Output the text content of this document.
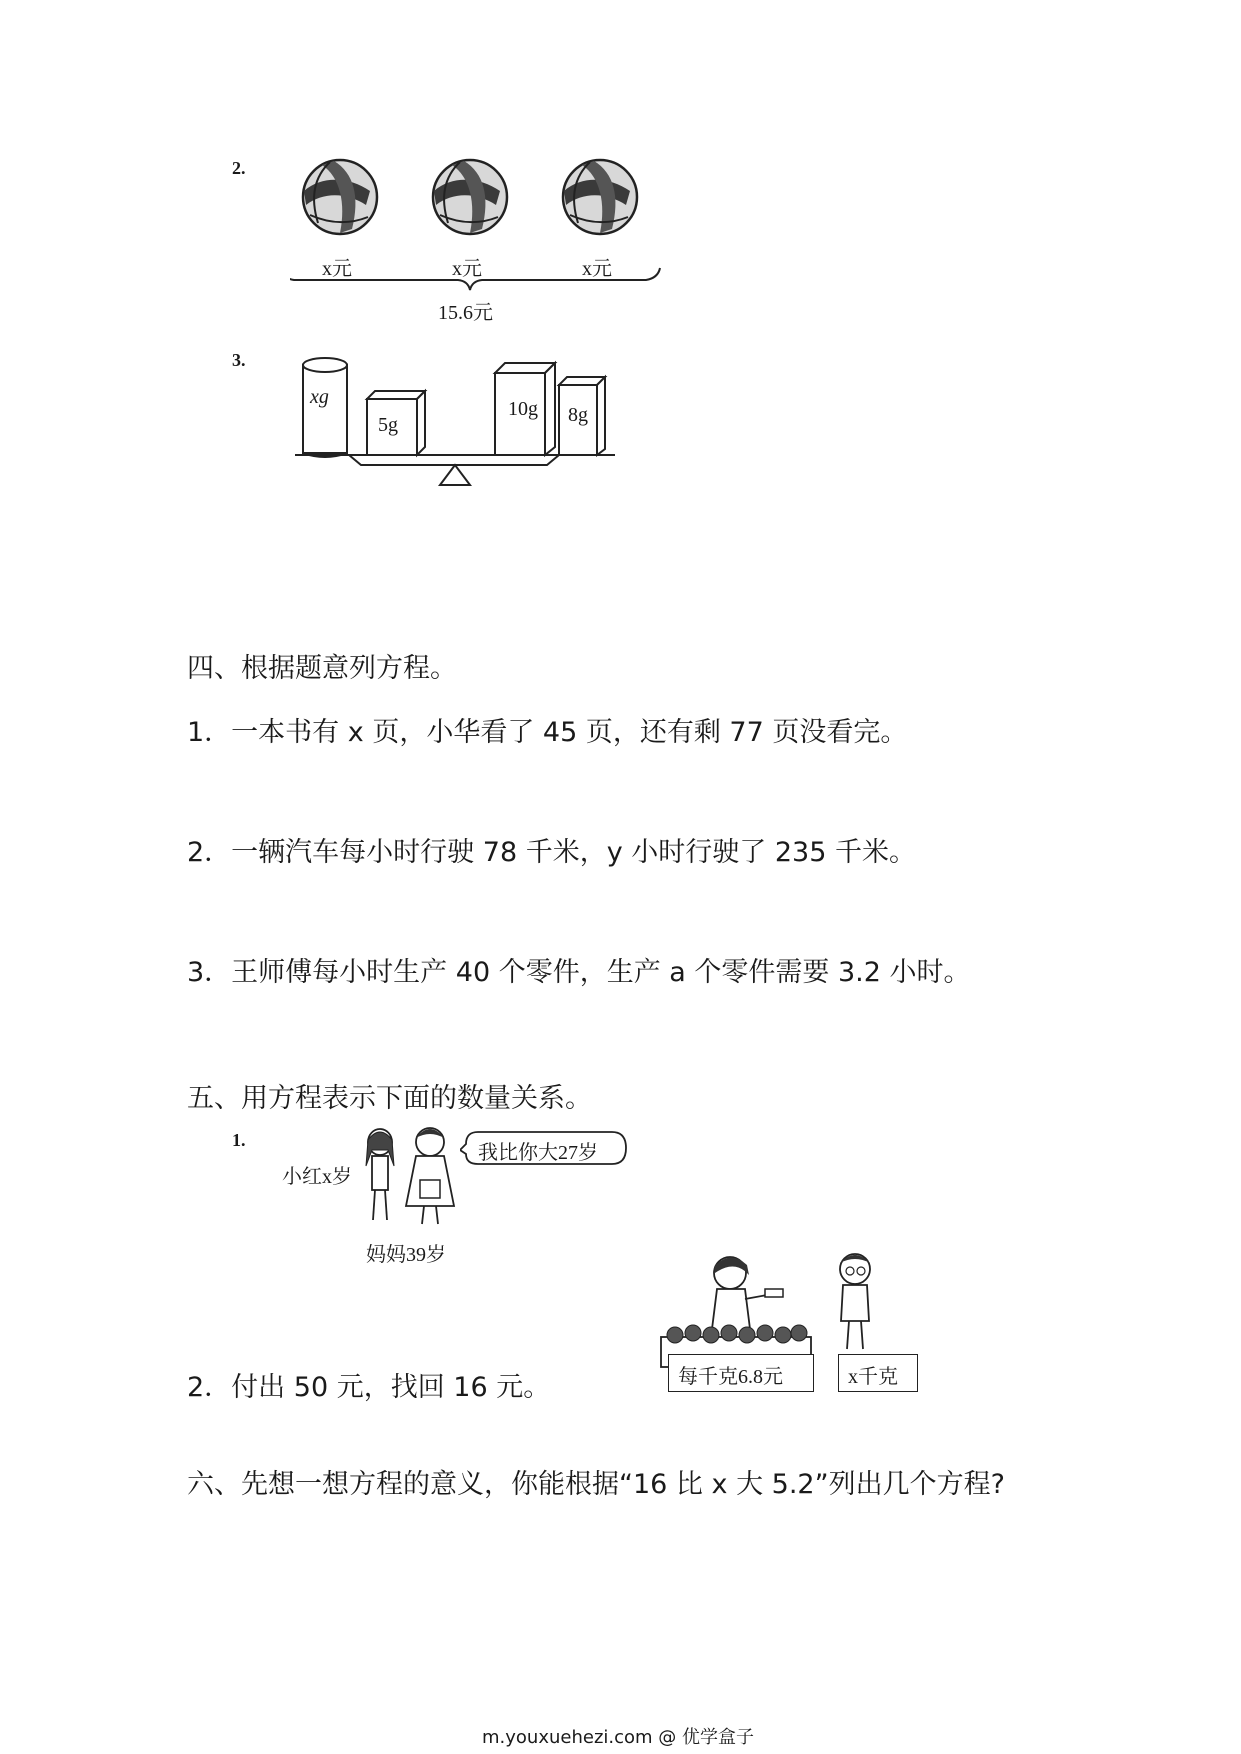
2.
x元	x元	x元
15.6元
3.
xg
5g
10g 8g
四、根据题意列方程。
1．一本书有 x 页，小华看了 45 页，还有剩 77 页没看完。
2．一辆汽车每小时行驶 78 千米，y 小时行驶了 235 千米。
3．王师傅每小时生产 40 个零件，生产 a 个零件需要 3.2 小时。
五、用方程表示下面的数量关系。
1.
小红x岁
我比你大27岁
妈妈39岁
2．付出 50 元，找回 16 元。	每千克6.8元	x千克
六、先想一想方程的意义，你能根据“16 比 x 大 5.2”列出几个方程?
m.youxuehezi.com @ 优学盒子
